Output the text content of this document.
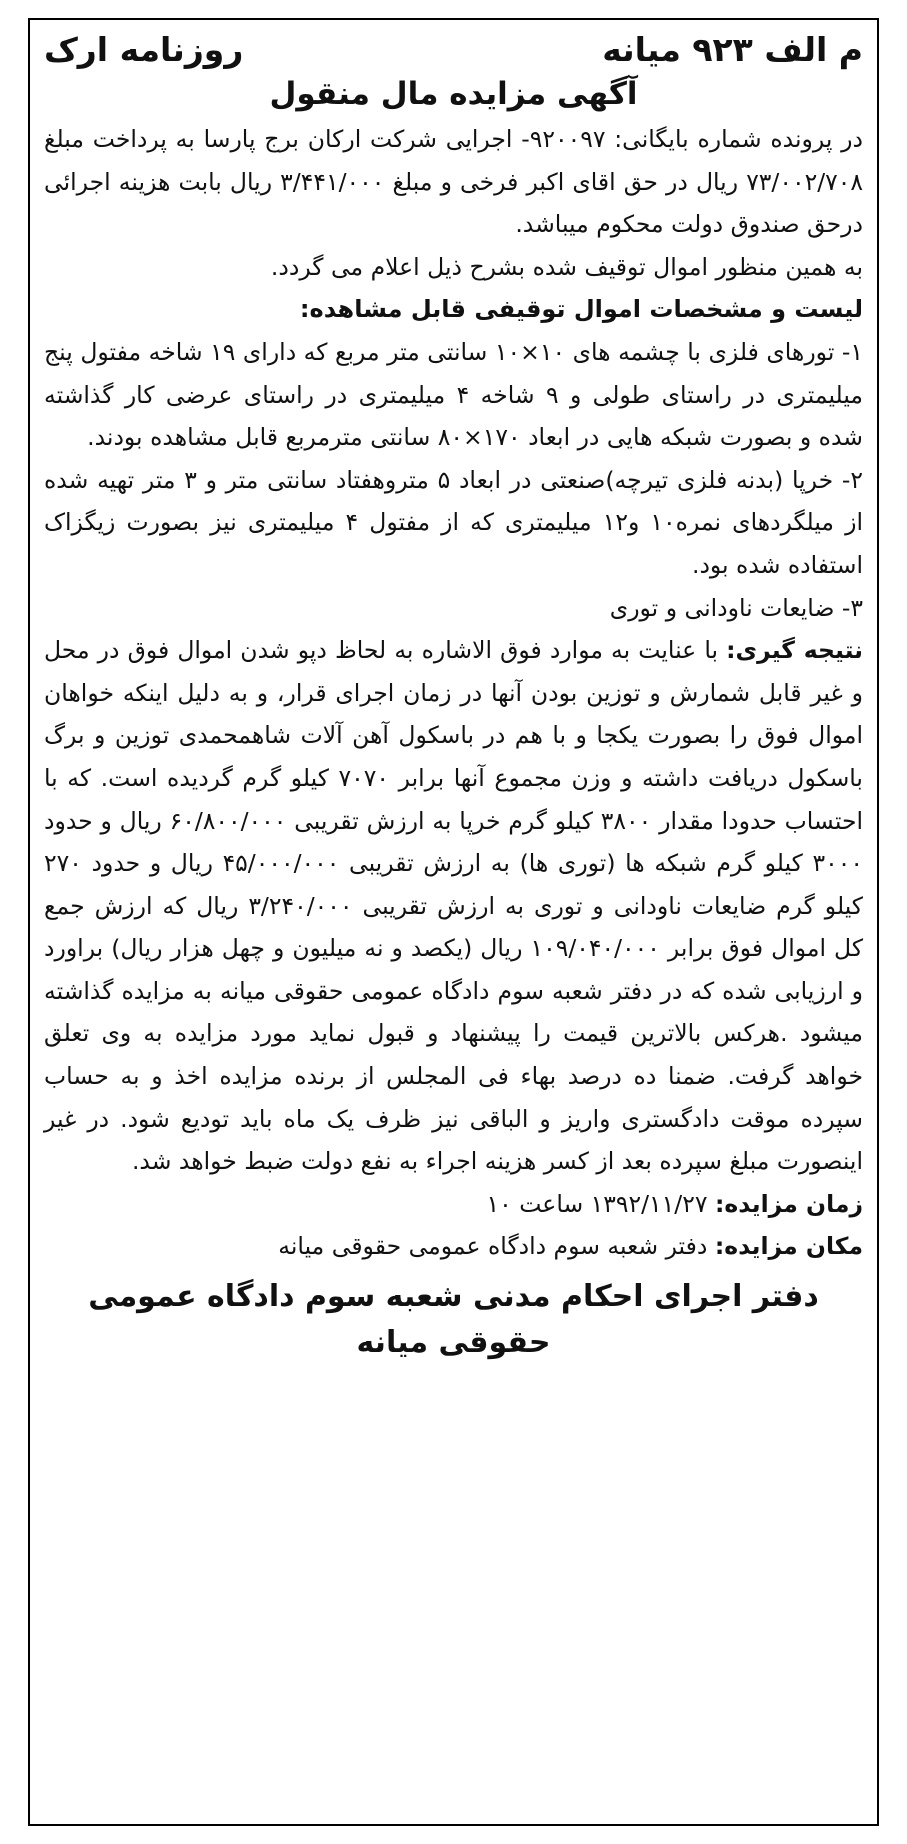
م الف ۹۲۳ میانه
روزنامه ارک
آگهی مزایده مال منقول

در پرونده شماره بایگانی: ۹۲۰۰۹۷- اجرایی شرکت ارکان برج پارسا به پرداخت مبلغ ۷۳/۰۰۲/۷۰۸ ریال در حق اقای اکبر فرخی و مبلغ ۳/۴۴۱/۰۰۰ ریال بابت هزینه اجرائی درحق صندوق دولت محکوم میباشد.

به همین منظور اموال توقیف شده بشرح ذیل اعلام می گردد.

لیست و مشخصات اموال توقیفی قابل مشاهده:

۱- تورهای فلزی با چشمه های ۱۰×۱۰ سانتی متر مربع که دارای ۱۹ شاخه مفتول پنج میلیمتری در راستای طولی و ۹ شاخه ۴ میلیمتری در راستای عرضی کار گذاشته شده و بصورت شبکه هایی در ابعاد ۱۷۰×۸۰ سانتی مترمربع قابل مشاهده بودند.

۲- خرپا (بدنه فلزی تیرچه)صنعتی در ابعاد ۵ متروهفتاد سانتی متر و ۳ متر تهیه شده از میلگردهای نمره۱۰ و۱۲ میلیمتری که از مفتول ۴ میلیمتری نیز بصورت زیگزاک استفاده شده بود.

۳- ضایعات ناودانی و توری

نتیجه گیری: با عنایت به موارد فوق الاشاره به لحاظ دپو شدن اموال فوق در محل و غیر قابل شمارش و توزین بودن آنها در زمان اجرای قرار، و به دلیل اینکه خواهان اموال فوق را بصورت یکجا و با هم در باسکول آهن آلات شاهمحمدی توزین و برگ باسکول دریافت داشته و وزن مجموع آنها برابر ۷۰۷۰ کیلو گرم گردیده است. که با احتساب حدودا مقدار ۳۸۰۰ کیلو گرم خرپا به ارزش تقریبی ۶۰/۸۰۰/۰۰۰ ریال و حدود ۳۰۰۰ کیلو گرم شبکه ها (توری ها) به ارزش تقریبی ۴۵/۰۰۰/۰۰۰ ریال و حدود ۲۷۰ کیلو گرم ضایعات ناودانی و توری به ارزش تقریبی ۳/۲۴۰/۰۰۰ ریال که ارزش جمع کل اموال فوق برابر ۱۰۹/۰۴۰/۰۰۰ ریال (یکصد و نه میلیون و چهل هزار ریال) براورد و ارزیابی شده که در دفتر شعبه سوم دادگاه عمومی حقوقی میانه به مزایده گذاشته میشود .هرکس بالاترین قیمت را پیشنهاد و قبول نماید مورد مزایده به وی تعلق خواهد گرفت. ضمنا ده درصد بهاء فی المجلس از برنده مزایده اخذ و به حساب سپرده موقت دادگستری واریز و الباقی نیز ظرف یک ماه باید تودیع شود. در غیر اینصورت مبلغ سپرده بعد از کسر هزینه اجراء به نفع دولت ضبط خواهد شد.

زمان مزایده: ۱۳۹۲/۱۱/۲۷ ساعت ۱۰

مکان مزایده: دفتر شعبه سوم دادگاه عمومی حقوقی میانه

دفتر اجرای احکام مدنی شعبه سوم دادگاه عمومی حقوقی میانه
